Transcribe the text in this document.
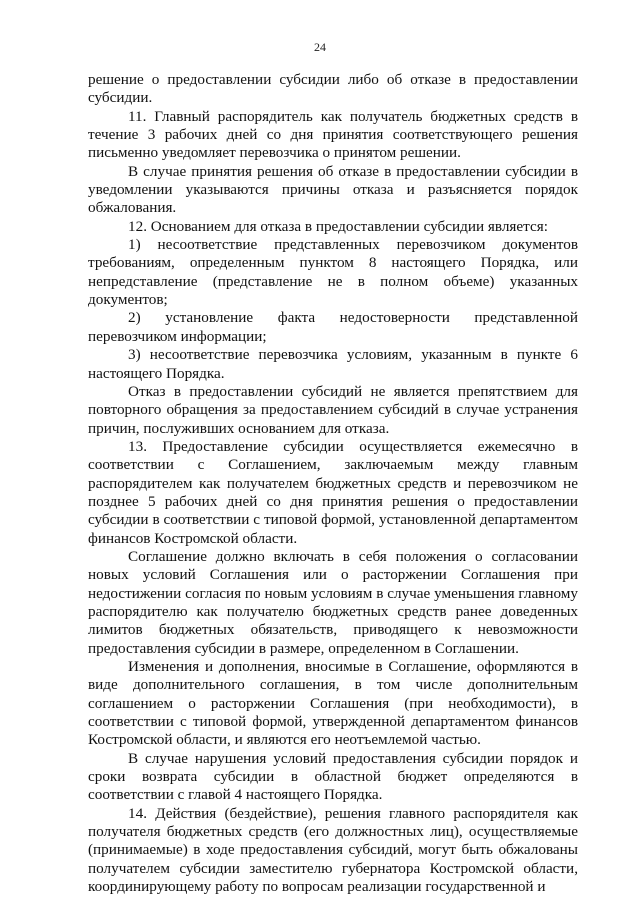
24

решение о предоставлении субсидии либо об отказе в предоставлении субсидии.

11. Главный распорядитель как получатель бюджетных средств в течение 3 рабочих дней со дня принятия соответствующего решения письменно уведомляет перевозчика о принятом решении.

В случае принятия решения об отказе в предоставлении субсидии в уведомлении указываются причины отказа и разъясняется порядок обжалования.

12. Основанием для отказа в предоставлении субсидии является:

1) несоответствие представленных перевозчиком документов требованиям, определенным пунктом 8 настоящего Порядка, или непредставление (представление не в полном объеме) указанных документов;

2) установление факта недостоверности представленной перевозчиком информации;

3) несоответствие перевозчика условиям, указанным в пункте 6 настоящего Порядка.

Отказ в предоставлении субсидий не является препятствием для повторного обращения за предоставлением субсидий в случае устранения причин, послуживших основанием для отказа.

13. Предоставление субсидии осуществляется ежемесячно в соответствии с Соглашением, заключаемым между главным распорядителем как получателем бюджетных средств и перевозчиком не позднее 5 рабочих дней со дня принятия решения о предоставлении субсидии в соответствии с типовой формой, установленной департаментом финансов Костромской области.

Соглашение должно включать в себя положения о согласовании новых условий Соглашения или о расторжении Соглашения при недостижении согласия по новым условиям в случае уменьшения главному распорядителю как получателю бюджетных средств ранее доведенных лимитов бюджетных обязательств, приводящего к невозможности предоставления субсидии в размере, определенном в Соглашении.

Изменения и дополнения, вносимые в Соглашение, оформляются в виде дополнительного соглашения, в том числе дополнительным соглашением о расторжении Соглашения (при необходимости), в соответствии с типовой формой, утвержденной департаментом финансов Костромской области, и являются его неотъемлемой частью.

В случае нарушения условий предоставления субсидии порядок и сроки возврата субсидии в областной бюджет определяются в соответствии с главой 4 настоящего Порядка.

14. Действия (бездействие), решения главного распорядителя как получателя бюджетных средств (его должностных лиц), осуществляемые (принимаемые) в ходе предоставления субсидий, могут быть обжалованы получателем субсидии заместителю губернатора Костромской области, координирующему работу по вопросам реализации государственной и
